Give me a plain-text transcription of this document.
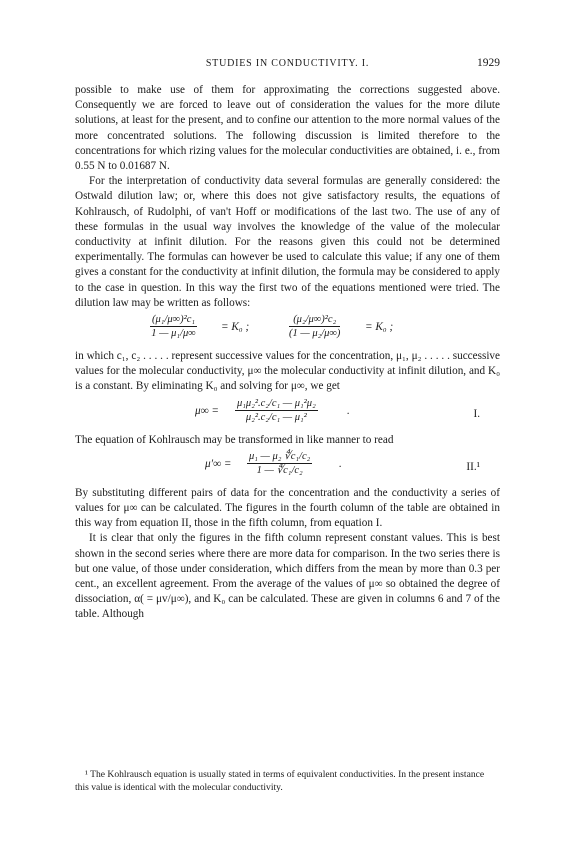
STUDIES IN CONDUCTIVITY. I.	1929

possible to make use of them for approximating the corrections suggested above. Consequently we are forced to leave out of consideration the values for the more dilute solutions, at least for the present, and to confine our attention to the more normal values of the more concentrated solutions. The following discussion is limited therefore to the concentrations for which rizing values for the molecular conductivities are obtained, i. e., from 0.55 N to 0.01687 N.

For the interpretation of conductivity data several formulas are generally considered: the Ostwald dilution law; or, where this does not give satisfactory results, the equations of Kohlrausch, of Rudolphi, of van't Hoff or modifications of the last two. The use of any of these formulas in the usual way involves the knowledge of the value of the molecular conductivity at infinit dilution. For the reasons given this could not be determined experimentally. The formulas can however be used to calculate this value; if any one of them gives a constant for the conductivity at infinit dilution, the formula may be considered to apply to the case in question. In this way the first two of the equations mentioned were tried. The dilution law may be written as follows:

$\frac{\text{(μ₁/μ∞)²c₁}}{\text{1 — μ₁/μ∞}} = K_0$ ;	$\frac{\text{(μ₂/μ∞)²c₂}}{\text{(1 — μ₂/μ∞)}} = K_0$ ;

in which c₁, c₂ . . . . . represent successive values for the concentration, μ₁, μ₂ . . . . . successive values for the molecular conductivity, μ∞ the molecular conductivity at infinit dilution, and K₀ is a constant. By eliminating K₀ and solving for μ∞, we get

$\mu\infty = \frac{\text{μ₁μ₂².c₂/c₁ — μ₁²μ₂}}{\text{μ₂².c₂/c₁ — μ₁²}}$	.	I.

The equation of Kohlrausch may be transformed in like manner to read

$\mu'\infty = \frac{\text{μ₁ — μ₂ ∜c₁/c₂}}{\text{1 — ∜c₁/c₂}}$ .	II.¹

By substituting different pairs of data for the concentration and the conductivity a series of values for μ∞ can be calculated. The figures in the fourth column of the table are obtained in this way from equation II, those in the fifth column, from equation I.

It is clear that only the figures in the fifth column represent constant values. This is best shown in the second series where there are more data for comparison. In the two series there is but one value, of those under consideration, which differs from the mean by more than 0.3 per cent., an excellent agreement. From the average of the values of μ∞ so obtained the degree of dissociation, α( = μv/μ∞), and K₀ can be calculated. These are given in columns 6 and 7 of the table. Although

¹ The Kohlrausch equation is usually stated in terms of equivalent conductivities. In the present instance this value is identical with the molecular conductivity.
